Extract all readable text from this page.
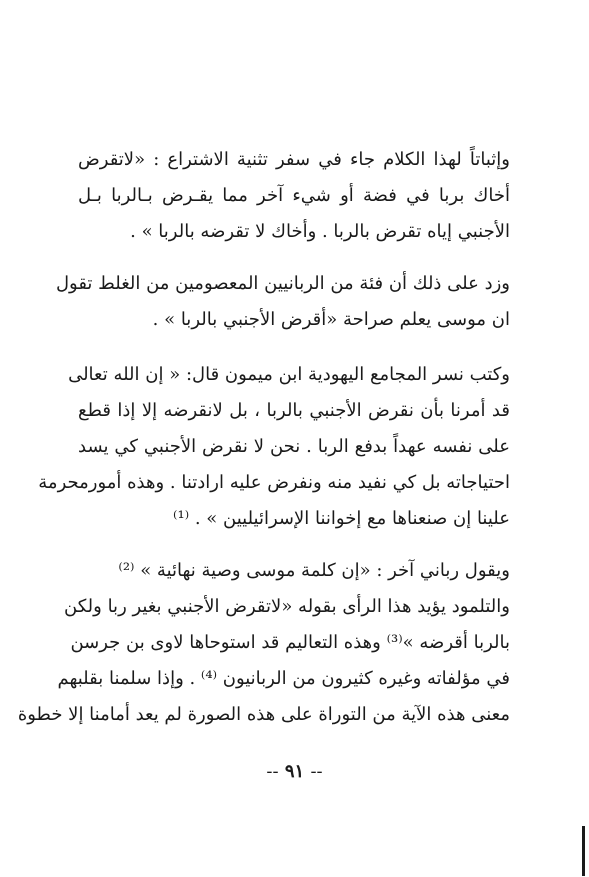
وإثباتاً لهذا الكلام جاء في سفر تثنية الاشتراع : «لاتقرض
أخاك بربا في فضة أو شيء آخر مما يقـرض بـالربا بـل
الأجنبي إياه تقرض بالربا . وأخاك لا تقرضه بالربا » .
وزد على ذلك أن فئة من الربانيين المعصومين من الغلط تقول
ان موسى يعلم صراحة «أقرض الأجنبي بالربا » .
وكتب نسر المجامع اليهودية ابن ميمون قال: « إن الله تعالى
قد أمرنا بأن نقرض الأجنبي بالربا ، بل لانقرضه إلا إذا قطع
على نفسه عهداً بدفع الربا . نحن لا نقرض الأجنبي كي يسد
احتياجاته بل كي نفيد منه ونفرض عليه ارادتنا . وهذه أمورمحرمة
علينا إن صنعناها مع إخواننا الإسرائيليين » . ⁽¹⁾
ويقول رباني آخر : «إن كلمة موسى وصية نهائية » ⁽²⁾
والتلمود يؤيد هذا الرأى بقوله «لاتقرض الأجنبي بغير ربا ولكن
بالربا أقرضه »⁽³⁾ وهذه التعاليم قد استوحاها لاوى بن جرسن
في مؤلفاته وغيره كثيرون من الربانيون ⁽⁴⁾ . وإذا سلمنا بقلبهم
معنى هذه الآية من التوراة على هذه الصورة لم يعد أمامنا إلا خطوة
-- ٩١ --
